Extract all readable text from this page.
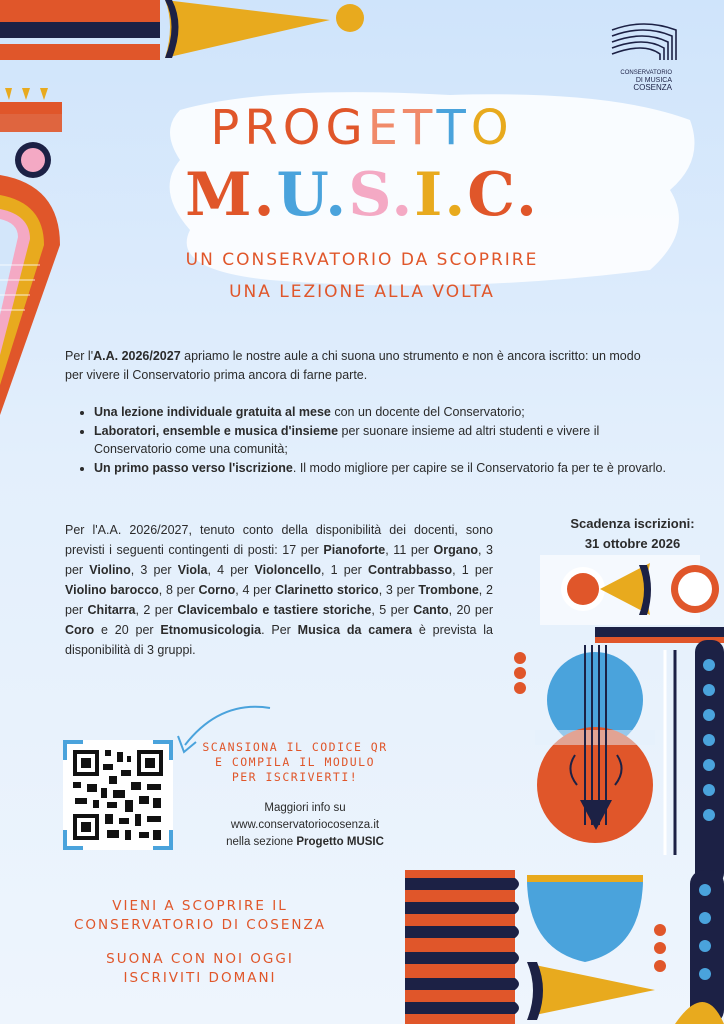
CONSERVATORIO
DI MUSICA
COSENZA
PROGETTO
M.U.S.I.C.
UN CONSERVATORIO DA SCOPRIRE
UNA LEZIONE ALLA VOLTA
Per l'A.A. 2026/2027 apriamo le nostre aule a chi suona uno strumento e non è ancora iscritto: un modo per vivere il Conservatorio prima ancora di farne parte.
• Una lezione individuale gratuita al mese con un docente del Conservatorio;
• Laboratori, ensemble e musica d'insieme per suonare insieme ad altri studenti e vivere il Conservatorio come una comunità;
• Un primo passo verso l'iscrizione. Il modo migliore per capire se il Conservatorio fa per te è provarlo.
Per l'A.A. 2026/2027, tenuto conto della disponibilità dei docenti, sono previsti i seguenti contingenti di posti: 17 per Pianoforte, 11 per Organo, 3 per Violino, 3 per Viola, 4 per Violoncello, 1 per Contrabbasso, 1 per Violino barocco, 8 per Corno, 4 per Clarinetto storico, 3 per Trombone, 2 per Chitarra, 2 per Clavicembalo e tastiere storiche, 5 per Canto, 20 per Coro e 20 per Etnomusicologia. Per Musica da camera è prevista la disponibilità di 3 gruppi.
Scadenza iscrizioni:
31 ottobre 2026
SCANSIONA IL CODICE QR
E COMPILA IL MODULO
PER ISCRIVERTI!
Maggiori info su
www.conservatoriocosenza.it
nella sezione Progetto MUSIC
VIENI A SCOPRIRE IL
CONSERVATORIO DI COSENZA
SUONA CON NOI OGGI
ISCRIVITI DOMANI
